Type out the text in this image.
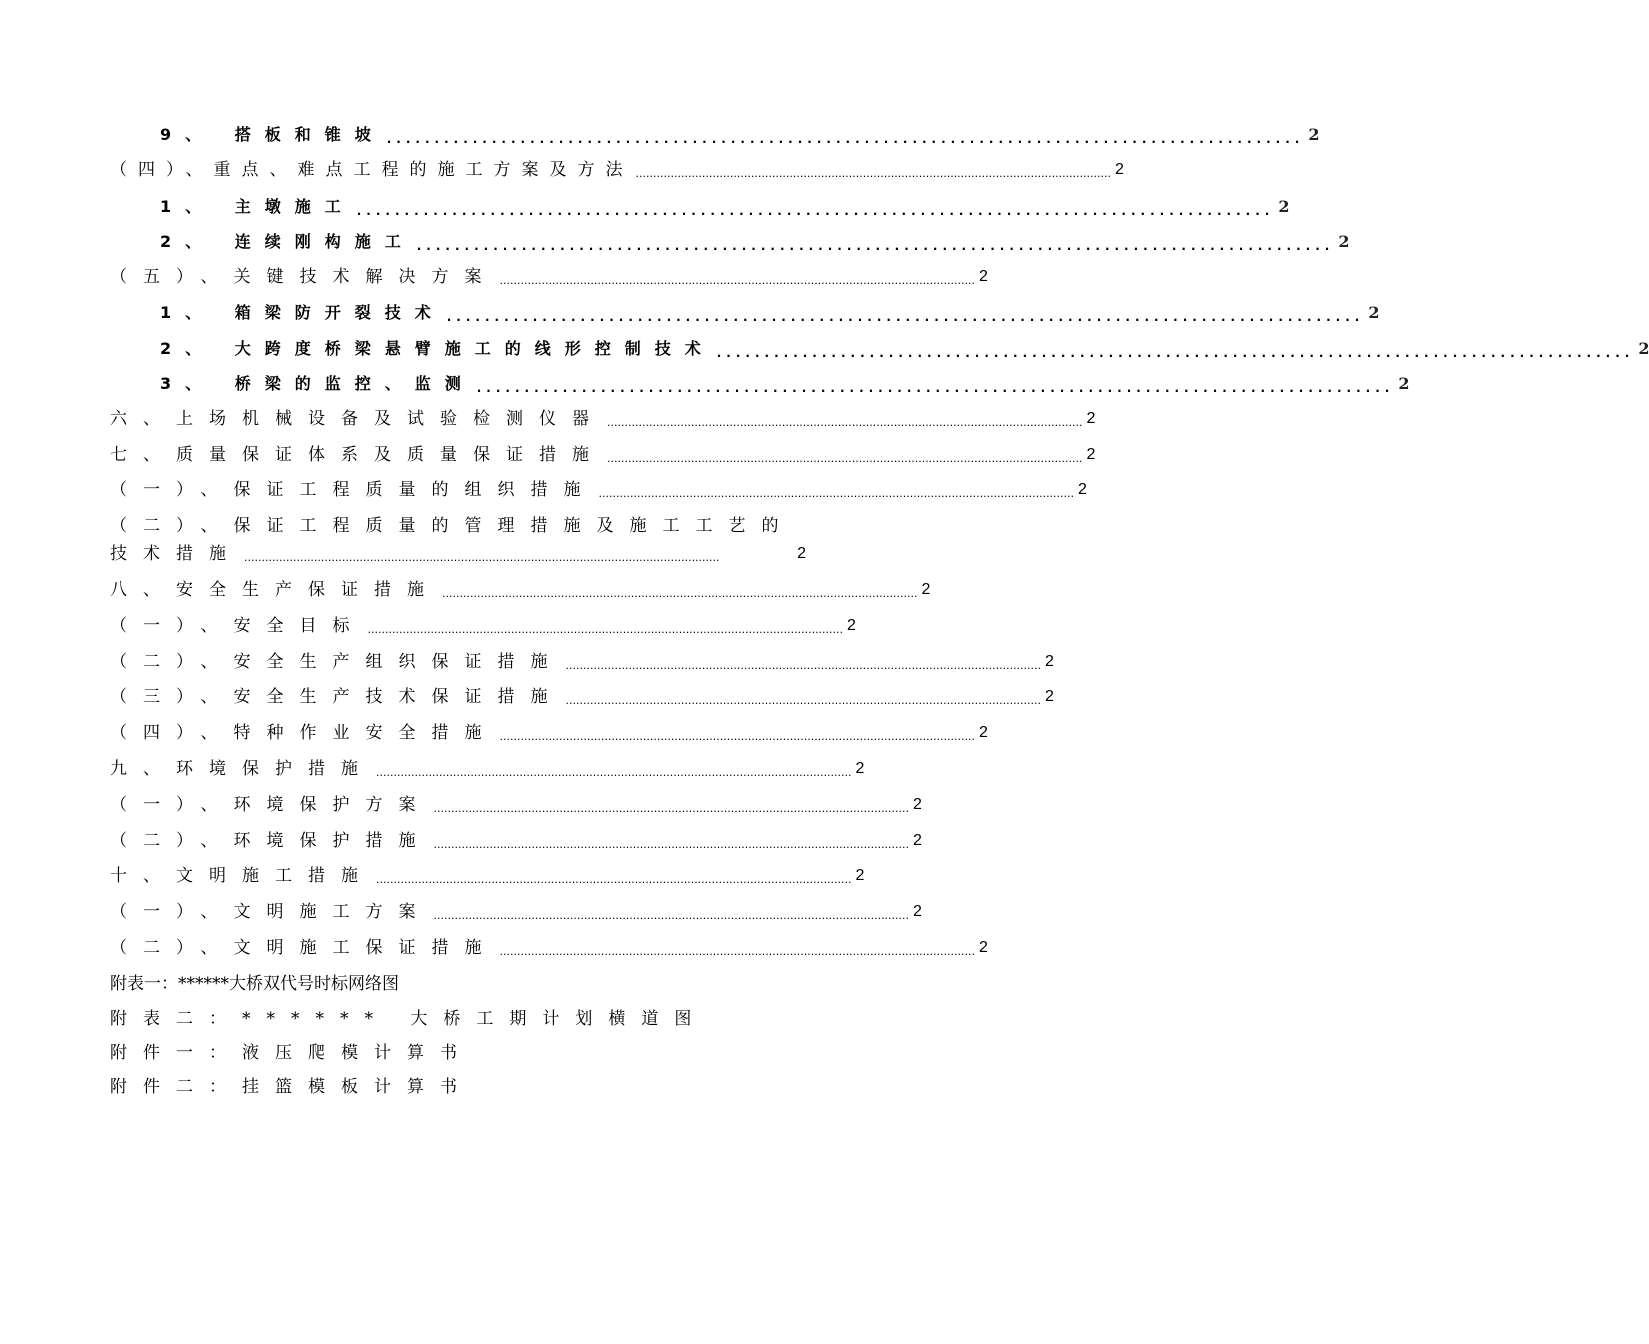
9、 搭板和锥坡 ................................................................................................ 2
（四）、重点、难点工程的施工方案及方法 ........................................................................................................................................ 2
1、 主墩施工 ................................................................................................ 2
2、 连续刚构施工 ................................................................................................ 2
（五）、关键技术解决方案 ........................................................................................................................................ 2
1、 箱梁防开裂技术 ................................................................................................ 2
2、 大跨度桥梁悬臂施工的线形控制技术 ................................................................................................ 2
3、 桥梁的监控、监测 ................................................................................................ 2
六、上场机械设备及试验检测仪器 ........................................................................................................................................ 2
七、质量保证体系及质量保证措施 ........................................................................................................................................ 2
（一）、保证工程质量的组织措施 ........................................................................................................................................ 2
（二）、保证工程质量的管理措施及施工工艺的
技术措施 ........................................................................................................................................	2
八、安全生产保证措施 ........................................................................................................................................ 2
（一）、安全目标 ........................................................................................................................................ 2
（二）、安全生产组织保证措施 ........................................................................................................................................ 2
（三）、安全生产技术保证措施 ........................................................................................................................................ 2
（四）、特种作业安全措施 ........................................................................................................................................ 2
九、环境保护措施 ........................................................................................................................................ 2
（一）、环境保护方案 ........................................................................................................................................ 2
（二）、环境保护措施 ........................................................................................................................................ 2
十、文明施工措施 ........................................................................................................................................ 2
（一）、文明施工方案 ........................................................................................................................................ 2
（二）、文明施工保证措施 ........................................................................................................................................ 2
附表一：******大桥双代号时标网络图
附表二：****** 大桥工期计划横道图
附件一：液压爬模计算书
附件二：挂篮模板计算书
